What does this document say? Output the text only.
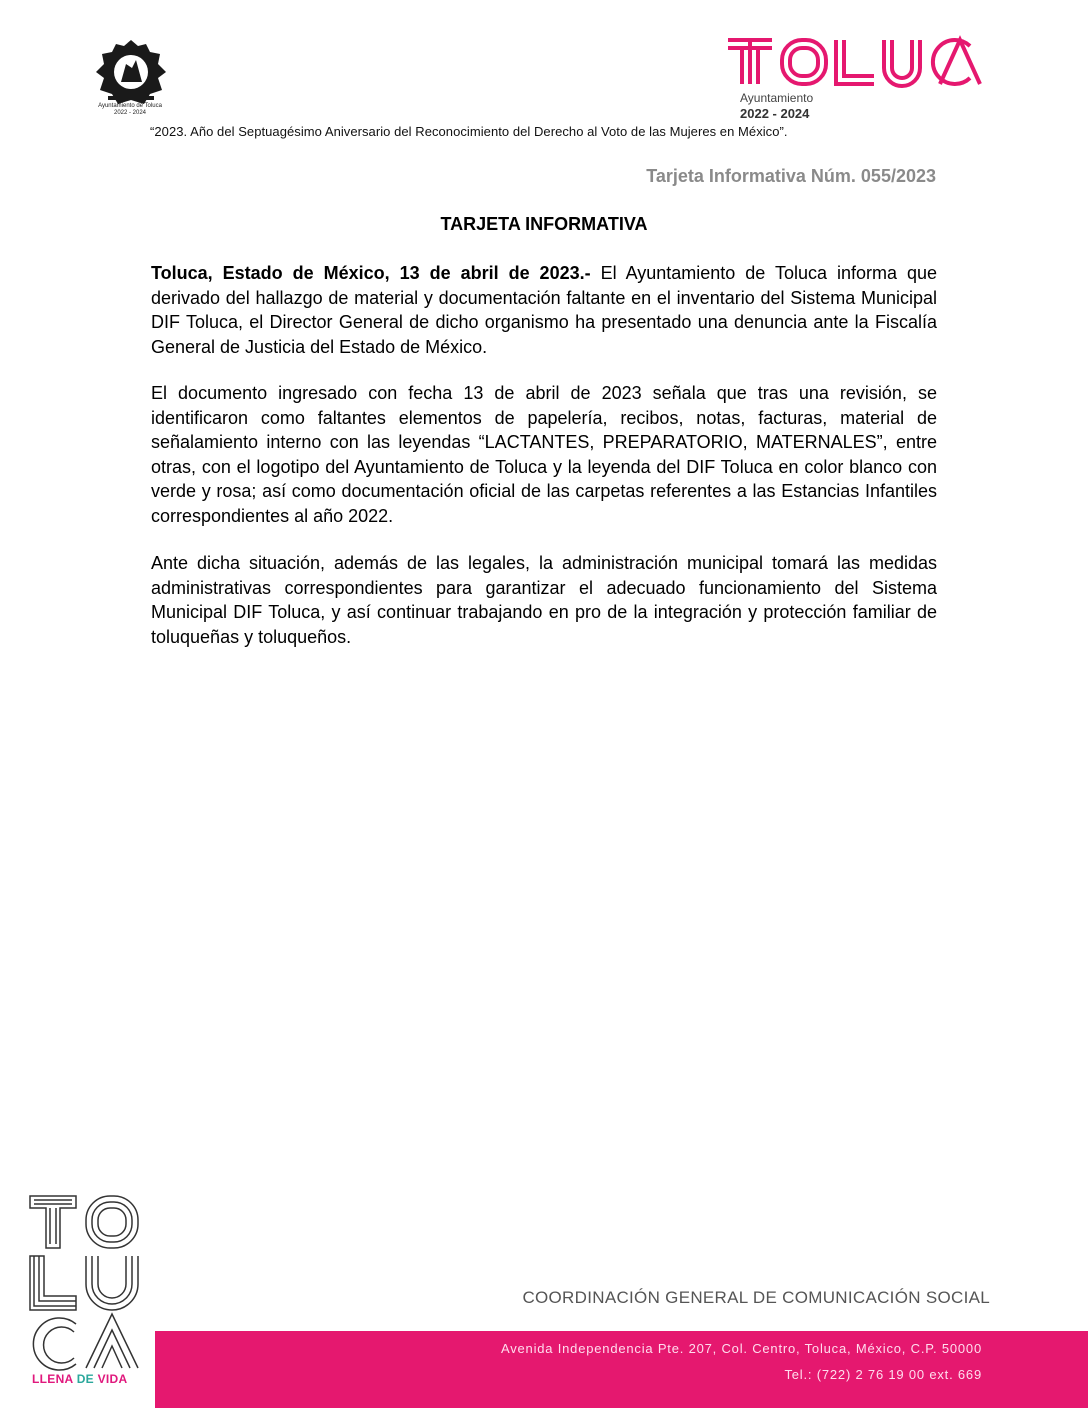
Ayuntamiento de Toluca
2022 - 2024
Ayuntamiento
2022 - 2024
“2023. Año del Septuagésimo Aniversario del Reconocimiento del Derecho al Voto de las Mujeres en México”.
Tarjeta Informativa Núm. 055/2023
TARJETA INFORMATIVA

Toluca, Estado de México, 13 de abril de 2023.- El Ayuntamiento de Toluca informa que derivado del hallazgo de material y documentación faltante en el inventario del Sistema Municipal DIF Toluca, el Director General de dicho organismo ha presentado una denuncia ante la Fiscalía General de Justicia del Estado de México.

El documento ingresado con fecha 13 de abril de 2023 señala que tras una revisión, se identificaron como faltantes elementos de papelería, recibos, notas, facturas, material de señalamiento interno con las leyendas “LACTANTES, PREPARATORIO, MATERNALES”, entre otras, con el logotipo del Ayuntamiento de Toluca y la leyenda del DIF Toluca en color blanco con verde y rosa; así como documentación oficial de las carpetas referentes a las Estancias Infantiles correspondientes al año 2022.

Ante dicha situación, además de las legales, la administración municipal tomará las medidas administrativas correspondientes para garantizar el adecuado funcionamiento del Sistema Municipal DIF Toluca, y así continuar trabajando en pro de la integración y protección familiar de toluqueñas y toluqueños.

LLENA DE VIDA
COORDINACIÓN GENERAL DE COMUNICACIÓN SOCIAL
Avenida Independencia Pte. 207, Col. Centro, Toluca, México, C.P. 50000
Tel.: (722) 2 76 19 00 ext. 669
